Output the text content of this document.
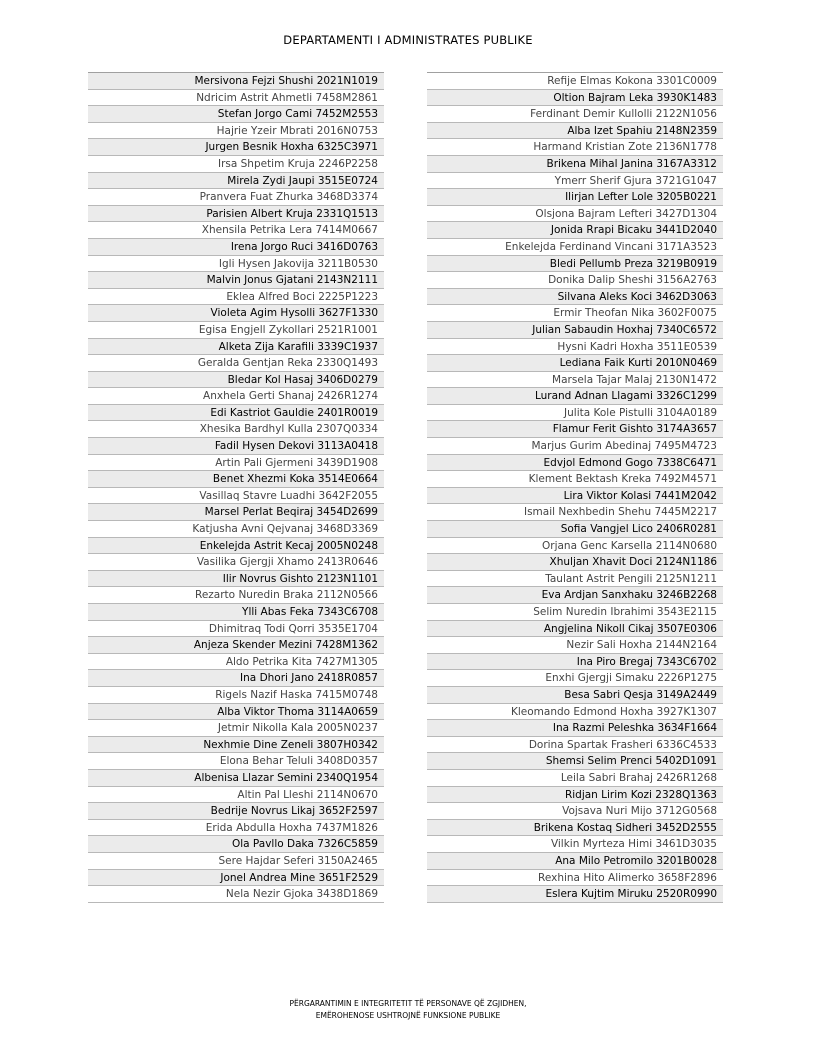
DEPARTAMENTI I ADMINISTRATES PUBLIKE
Mersivona Fejzi Shushi 2021N1019
Ndricim Astrit Ahmetli 7458M2861
Stefan Jorgo Cami 7452M2553
Hajrie Yzeir Mbrati 2016N0753
Jurgen Besnik Hoxha 6325C3971
Irsa Shpetim Kruja 2246P2258
Mirela Zydi Jaupi 3515E0724
Pranvera Fuat Zhurka 3468D3374
Parisien Albert Kruja 2331Q1513
Xhensila Petrika Lera 7414M0667
Irena Jorgo Ruci 3416D0763
Igli Hysen Jakovija 3211B0530
Malvin Jonus Gjatani 2143N2111
Eklea Alfred Boci 2225P1223
Violeta Agim Hysolli 3627F1330
Egisa Engjell Zykollari 2521R1001
Alketa Zija Karafili 3339C1937
Geralda Gentjan Reka 2330Q1493
Bledar Kol Hasaj 3406D0279
Anxhela Gerti Shanaj 2426R1274
Edi Kastriot Gauldie 2401R0019
Xhesika Bardhyl Kulla 2307Q0334
Fadil Hysen Dekovi 3113A0418
Artin Pali Gjermeni 3439D1908
Benet Xhezmi Koka 3514E0664
Vasillaq Stavre Luadhi 3642F2055
Marsel Perlat Beqiraj 3454D2699
Katjusha Avni Qejvanaj 3468D3369
Enkelejda Astrit Kecaj 2005N0248
Vasilika Gjergji Xhamo 2413R0646
Ilir Novrus Gishto 2123N1101
Rezarto Nuredin Braka 2112N0566
Ylli Abas Feka 7343C6708
Dhimitraq Todi Qorri 3535E1704
Anjeza Skender Mezini 7428M1362
Aldo Petrika Kita 7427M1305
Ina Dhori Jano 2418R0857
Rigels Nazif Haska 7415M0748
Alba Viktor Thoma 3114A0659
Jetmir Nikolla Kala 2005N0237
Nexhmie Dine Zeneli 3807H0342
Elona Behar Teluli 3408D0357
Albenisa Llazar Semini 2340Q1954
Altin Pal Lleshi 2114N0670
Bedrije Novrus Likaj 3652F2597
Erida Abdulla Hoxha 7437M1826
Ola Pavllo Daka 7326C5859
Sere Hajdar Seferi 3150A2465
Jonel Andrea Mine 3651F2529
Nela Nezir Gjoka 3438D1869
Refije Elmas Kokona 3301C0009
Oltion Bajram Leka 3930K1483
Ferdinant Demir Kullolli 2122N1056
Alba Izet Spahiu 2148N2359
Harmand Kristian Zote 2136N1778
Brikena Mihal Janina 3167A3312
Ymerr Sherif Gjura 3721G1047
Ilirjan Lefter Lole 3205B0221
Olsjona Bajram Lefteri 3427D1304
Jonida Rrapi Bicaku 3441D2040
Enkelejda Ferdinand Vincani 3171A3523
Bledi Pellumb Preza 3219B0919
Donika Dalip Sheshi 3156A2763
Silvana Aleks Koci 3462D3063
Ermir Theofan Nika 3602F0075
Julian Sabaudin Hoxhaj 7340C6572
Hysni Kadri Hoxha 3511E0539
Lediana Faik Kurti 2010N0469
Marsela Tajar Malaj 2130N1472
Lurand Adnan Llagami 3326C1299
Julita Kole Pistulli 3104A0189
Flamur Ferit Gishto 3174A3657
Marjus Gurim Abedinaj 7495M4723
Edvjol Edmond Gogo 7338C6471
Klement Bektash Kreka 7492M4571
Lira Viktor Kolasi 7441M2042
Ismail Nexhbedin Shehu 7445M2217
Sofia Vangjel Lico 2406R0281
Orjana Genc Karsella 2114N0680
Xhuljan Xhavit Doci 2124N1186
Taulant Astrit Pengili 2125N1211
Eva Ardjan Sanxhaku 3246B2268
Selim Nuredin Ibrahimi 3543E2115
Angjelina Nikoll Cikaj 3507E0306
Nezir Sali Hoxha 2144N2164
Ina Piro Bregaj 7343C6702
Enxhi Gjergji Simaku 2226P1275
Besa Sabri Qesja 3149A2449
Kleomando Edmond Hoxha 3927K1307
Ina Razmi Peleshka 3634F1664
Dorina Spartak Frasheri 6336C4533
Shemsi Selim Prenci 5402D1091
Leila Sabri Brahaj 2426R1268
Ridjan Lirim Kozi 2328Q1363
Vojsava Nuri Mijo 3712G0568
Brikena Kostaq Sidheri 3452D2555
Vilkin Myrteza Himi 3461D3035
Ana Milo Petromilo 3201B0028
Rexhina Hito Alimerko 3658F2896
Eslera Kujtim Miruku 2520R0990
PËRGARANTIMIN E INTEGRITETIT TË PERSONAVE QË ZGJIDHEN,
EMËROHENOSE USHTROJNË FUNKSIONE PUBLIKE
